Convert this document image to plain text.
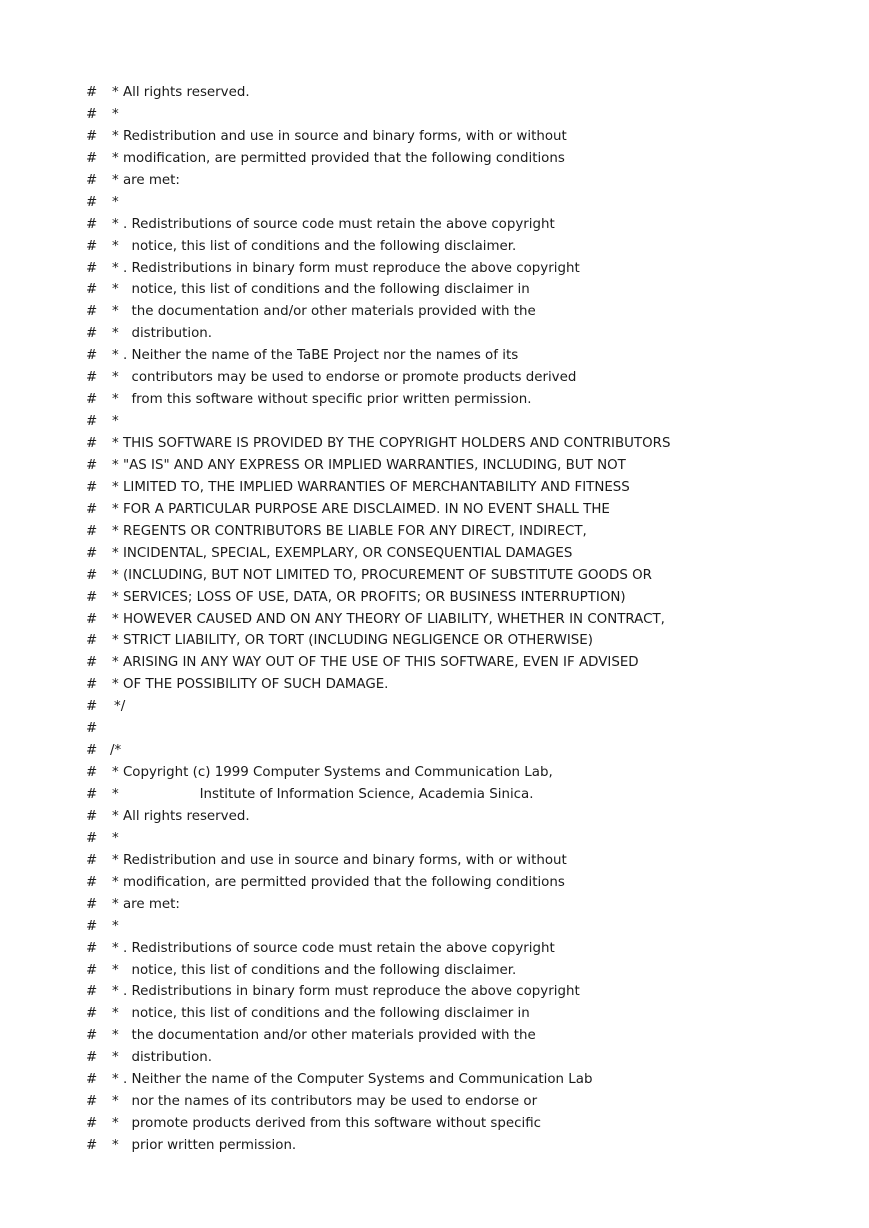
#

* All rights reserved.

#

*

#

* Redistribution and use in source and binary forms, with or without

#

* modification, are permitted provided that the following conditions

#

* are met:

#

*

#

* . Redistributions of source code must retain the above copyright

#

*   notice, this list of conditions and the following disclaimer.

#

* . Redistributions in binary form must reproduce the above copyright

#

*   notice, this list of conditions and the following disclaimer in

#

*   the documentation and/or other materials provided with the

#

*   distribution.

#

* . Neither the name of the TaBE Project nor the names of its

#

*   contributors may be used to endorse or promote products derived

#

*   from this software without specific prior written permission.

#

*

#

* THIS SOFTWARE IS PROVIDED BY THE COPYRIGHT HOLDERS AND CONTRIBUTORS

#

* "AS IS" AND ANY EXPRESS OR IMPLIED WARRANTIES, INCLUDING, BUT NOT

#

* LIMITED TO, THE IMPLIED WARRANTIES OF MERCHANTABILITY AND FITNESS

#

* FOR A PARTICULAR PURPOSE ARE DISCLAIMED. IN NO EVENT SHALL THE

#

* REGENTS OR CONTRIBUTORS BE LIABLE FOR ANY DIRECT, INDIRECT,

#

* INCIDENTAL, SPECIAL, EXEMPLARY, OR CONSEQUENTIAL DAMAGES

#

* (INCLUDING, BUT NOT LIMITED TO, PROCUREMENT OF SUBSTITUTE GOODS OR

#

* SERVICES; LOSS OF USE, DATA, OR PROFITS; OR BUSINESS INTERRUPTION)

#

* HOWEVER CAUSED AND ON ANY THEORY OF LIABILITY, WHETHER IN CONTRACT,

#

* STRICT LIABILITY, OR TORT (INCLUDING NEGLIGENCE OR OTHERWISE)

#

* ARISING IN ANY WAY OUT OF THE USE OF THIS SOFTWARE, EVEN IF ADVISED

#

* OF THE POSSIBILITY OF SUCH DAMAGE.

#

*/

#

#

/*

#

* Copyright (c) 1999 Computer Systems and Communication Lab,

#

*                   Institute of Information Science, Academia Sinica.

#

* All rights reserved.

#

*

#

* Redistribution and use in source and binary forms, with or without

#

* modification, are permitted provided that the following conditions

#

* are met:

#

*

#

* . Redistributions of source code must retain the above copyright

#

*   notice, this list of conditions and the following disclaimer.

#

* . Redistributions in binary form must reproduce the above copyright

#

*   notice, this list of conditions and the following disclaimer in

#

*   the documentation and/or other materials provided with the

#

*   distribution.

#

* . Neither the name of the Computer Systems and Communication Lab

#

*   nor the names of its contributors may be used to endorse or

#

*   promote products derived from this software without specific

#

*   prior written permission.
